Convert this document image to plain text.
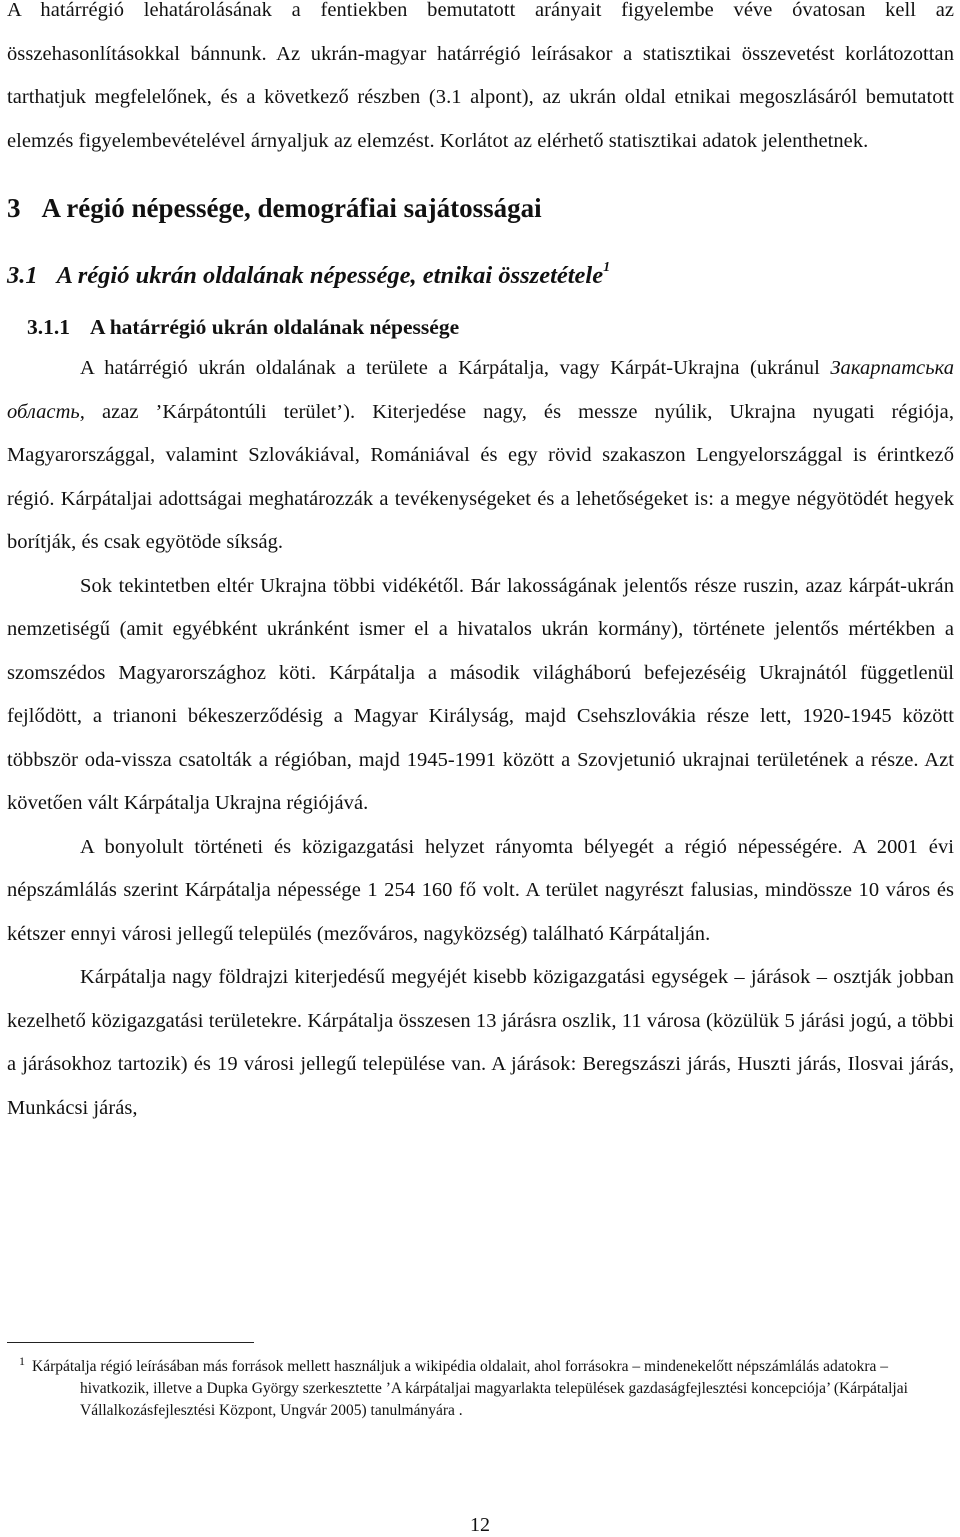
A határrégió lehatárolásának a fentiekben bemutatott arányait figyelembe véve óvatosan kell az összehasonlításokkal bánnunk. Az ukrán-magyar határrégió leírásakor a statisztikai összevetést korlátozottan tarthatjuk megfelelőnek, és a következő részben (3.1 alpont), az ukrán oldal etnikai megoszlásáról bemutatott elemzés figyelembevételével árnyaljuk az elemzést. Korlátot az elérhető statisztikai adatok jelenthetnek.

3 A régió népessége, demográfiai sajátosságai
3.1 A régió ukrán oldalának népessége, etnikai összetétele$^1$
3.1.1 A határrégió ukrán oldalának népessége

A határrégió ukrán oldalának a területe a Kárpátalja, vagy Kárpát-Ukrajna (ukránul Закарпатська область, azaz ’Kárpátontúli terület’). Kiterjedése nagy, és messze nyúlik, Ukrajna nyugati régiója, Magyarországgal, valamint Szlovákiával, Romániával és egy rövid szakaszon Lengyelországgal is érintkező régió. Kárpátaljai adottságai meghatározzák a tevékenységeket és a lehetőségeket is: a megye négyötödét hegyek borítják, és csak egyötöde síkság.

Sok tekintetben eltér Ukrajna többi vidékétől. Bár lakosságának jelentős része ruszin, azaz kárpát-ukrán nemzetiségű (amit egyébként ukránként ismer el a hivatalos ukrán kormány), története jelentős mértékben a szomszédos Magyarországhoz köti. Kárpátalja a második világháború befejezéséig Ukrajnától függetlenül fejlődött, a trianoni békeszerződésig a Magyar Királyság, majd Csehszlovákia része lett, 1920-1945 között többször oda-vissza csatolták a régióban, majd 1945-1991 között a Szovjetunió ukrajnai területének a része. Azt követően vált Kárpátalja Ukrajna régiójává.

A bonyolult történeti és közigazgatási helyzet rányomta bélyegét a régió népességére. A 2001 évi népszámlálás szerint Kárpátalja népessége 1 254 160 fő volt. A terület nagyrészt falusias, mindössze 10 város és kétszer ennyi városi jellegű település (mezőváros, nagyközség) található Kárpátalján.

Kárpátalja nagy földrajzi kiterjedésű megyéjét kisebb közigazgatási egységek – járások – osztják jobban kezelhető közigazgatási területekre. Kárpátalja összesen 13 járásra oszlik, 11 városa (közülük 5 járási jogú, a többi a járásokhoz tartozik) és 19 városi jellegű települése van. A járások: Beregszászi járás, Huszti járás, Ilosvai járás, Munkácsi járás,

$^1$ Kárpátalja régió leírásában más források mellett használjuk a wikipédia oldalait, ahol forrásokra – mindenekelőtt népszámlálás adatokra – hivatkozik, illetve a Dupka György szerkesztette ’A kárpátaljai magyarlakta települések gazdaságfejlesztési koncepciója’ (Kárpátaljai Vállalkozásfejlesztési Központ, Ungvár 2005) tanulmányára .
12
